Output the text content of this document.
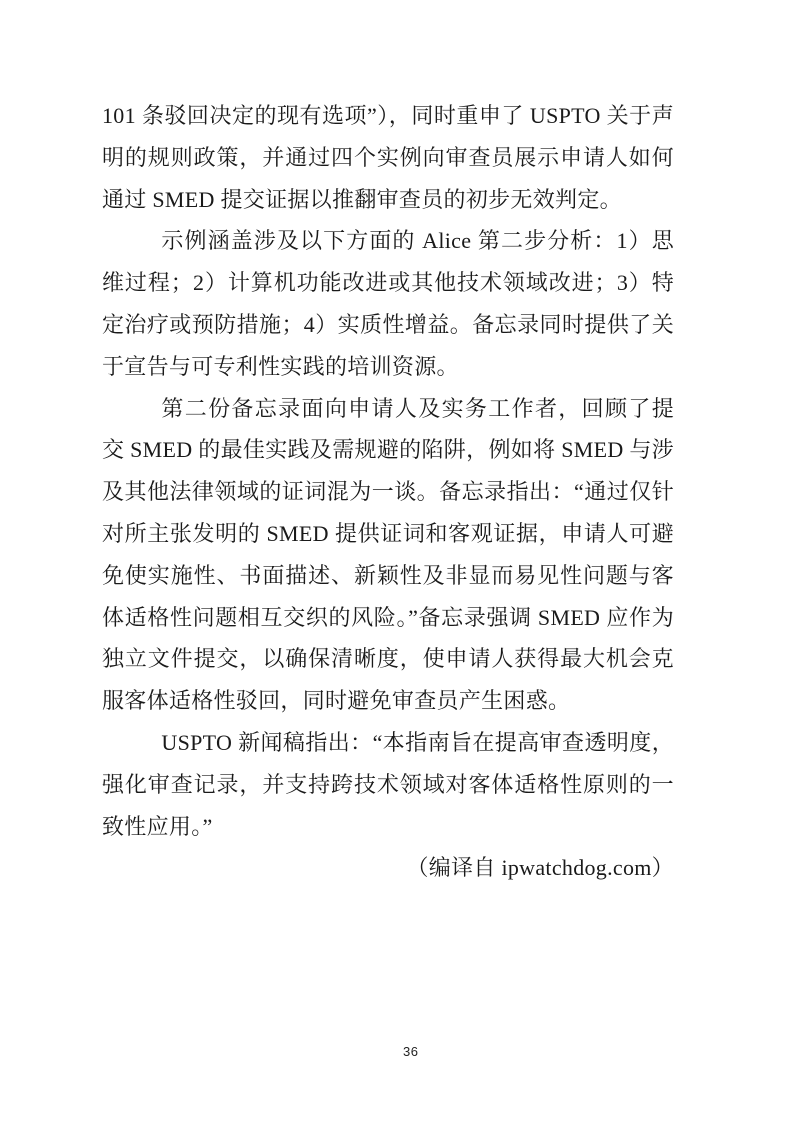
101 条驳回决定的现有选项”），同时重申了 USPTO 关于声明的规则政策，并通过四个实例向审查员展示申请人如何通过 SMED 提交证据以推翻审查员的初步无效判定。

示例涵盖涉及以下方面的 Alice 第二步分析：1）思维过程；2）计算机功能改进或其他技术领域改进；3）特定治疗或预防措施；4）实质性增益。备忘录同时提供了关于宣告与可专利性实践的培训资源。

第二份备忘录面向申请人及实务工作者，回顾了提交 SMED 的最佳实践及需规避的陷阱，例如将 SMED 与涉及其他法律领域的证词混为一谈。备忘录指出：“通过仅针对所主张发明的 SMED 提供证词和客观证据，申请人可避免使实施性、书面描述、新颖性及非显而易见性问题与客体适格性问题相互交织的风险。”备忘录强调 SMED 应作为独立文件提交，以确保清晰度，使申请人获得最大机会克服客体适格性驳回，同时避免审查员产生困惑。

USPTO 新闻稿指出：“本指南旨在提高审查透明度，强化审查记录，并支持跨技术领域对客体适格性原则的一致性应用。”

（编译自 ipwatchdog.com）

36
